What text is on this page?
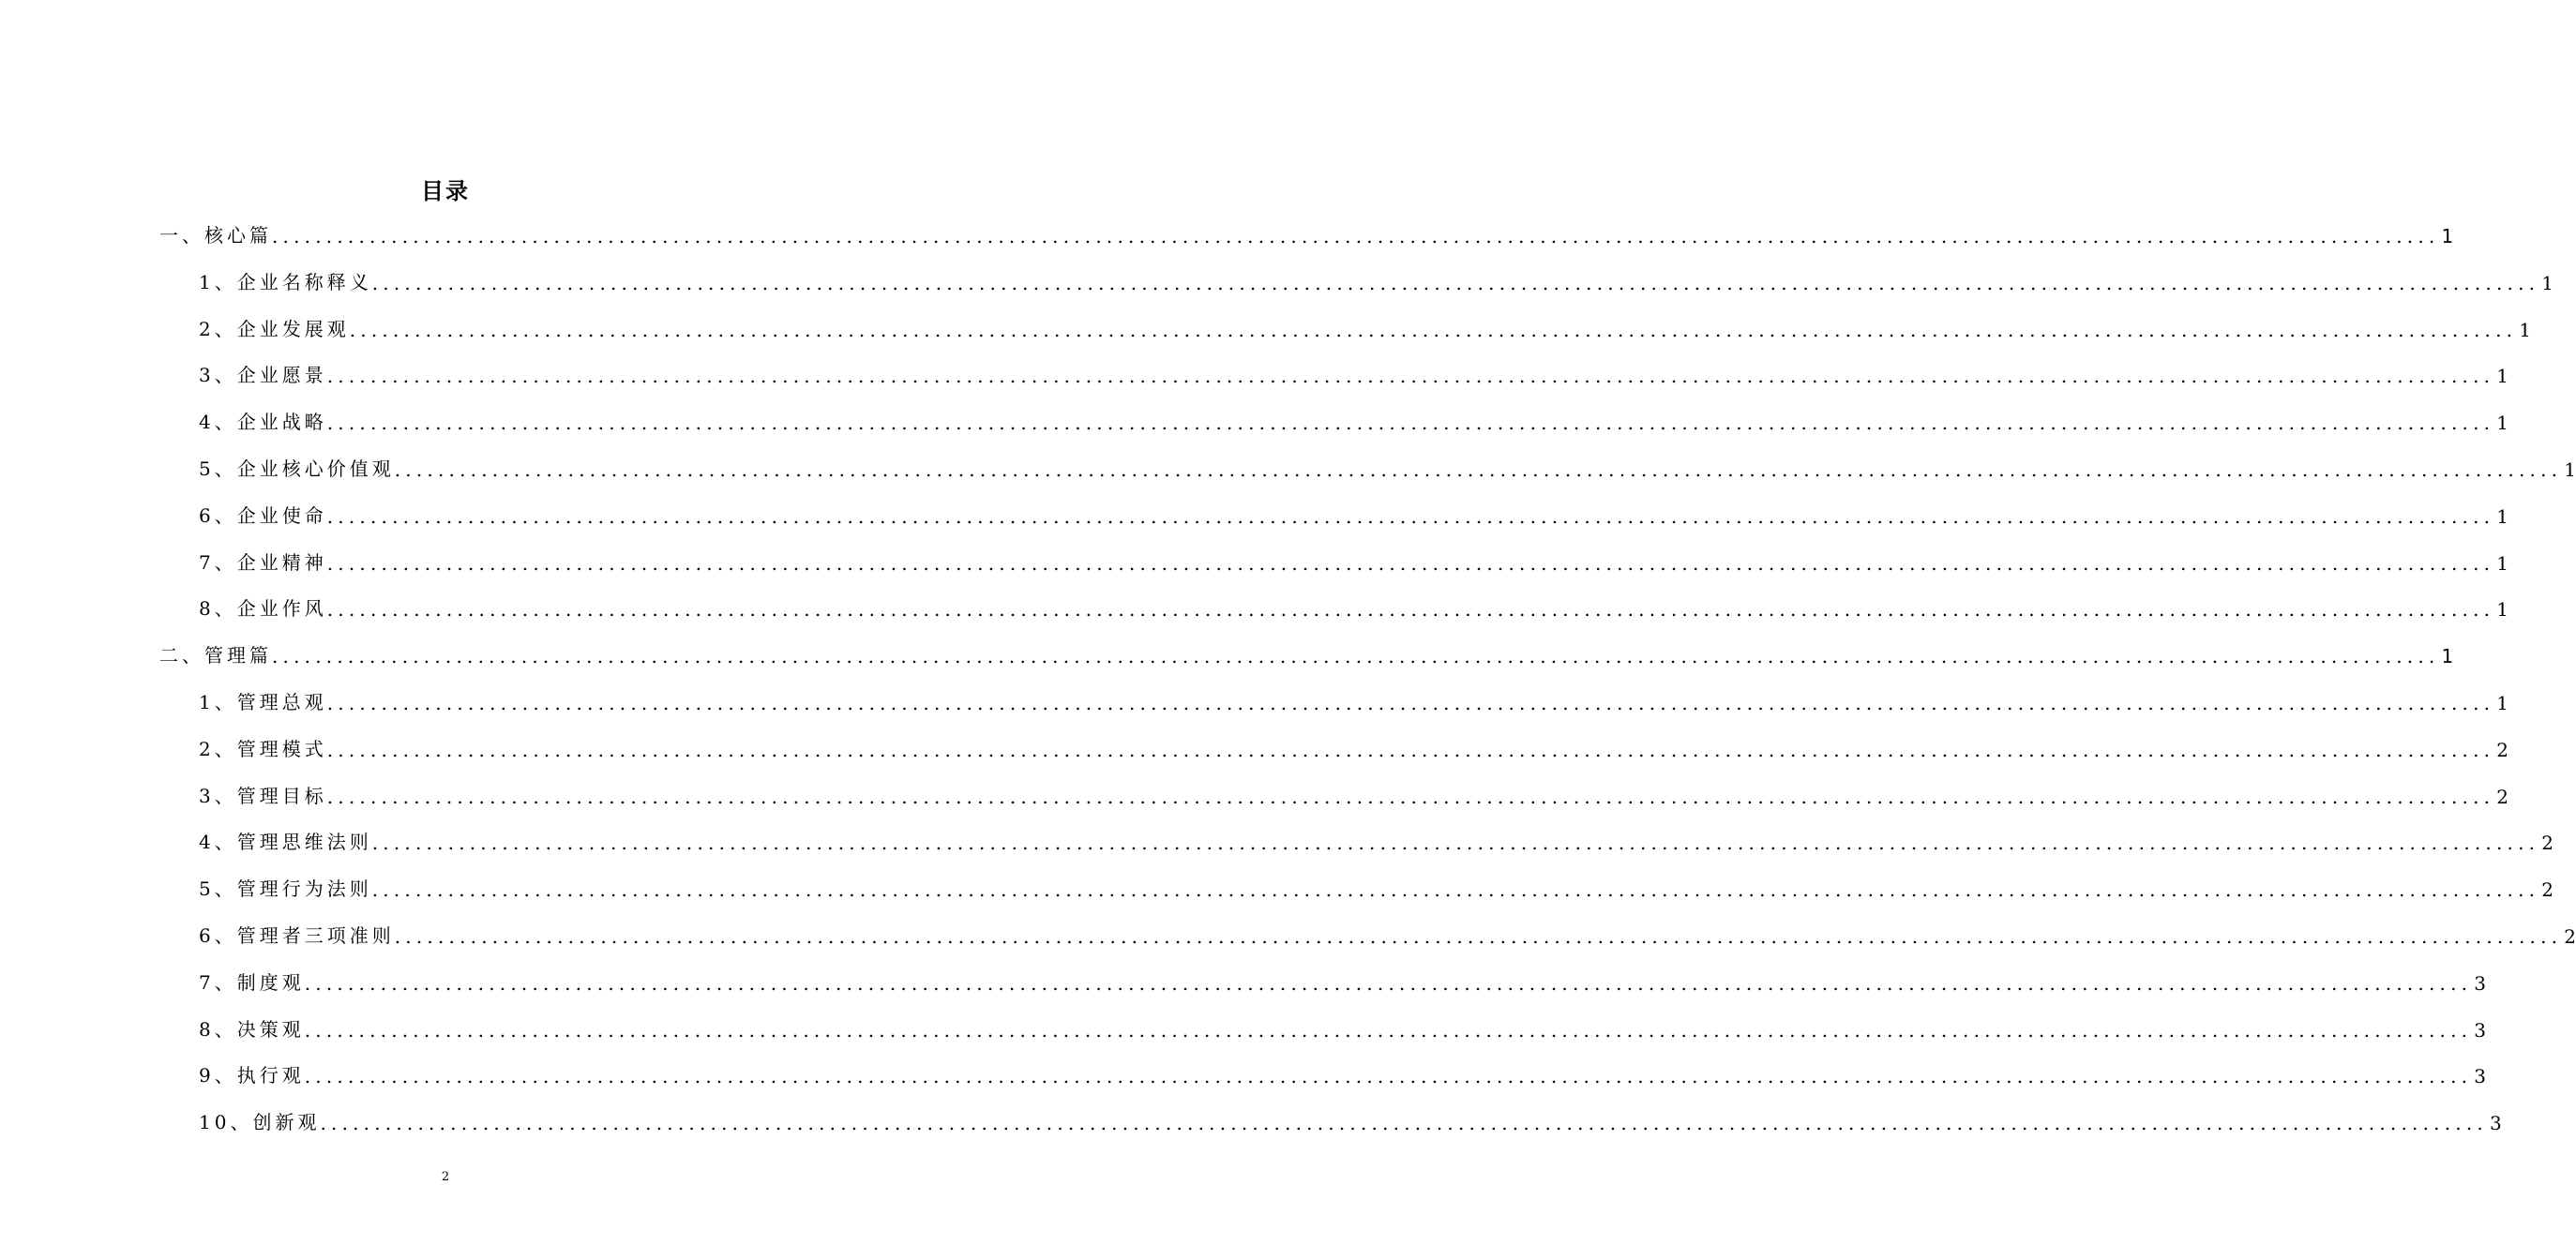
目录
一、核心篇 ........................................................................................................................................................................................................ 1
1、企业名称释义 ........................................................................................................................................................................................................ 1
2、企业发展观 ........................................................................................................................................................................................................ 1
3、企业愿景 ........................................................................................................................................................................................................ 1
4、企业战略 ........................................................................................................................................................................................................ 1
5、企业核心价值观 ........................................................................................................................................................................................................ 1
6、企业使命 ........................................................................................................................................................................................................ 1
7、企业精神 ........................................................................................................................................................................................................ 1
8、企业作风 ........................................................................................................................................................................................................ 1
二、管理篇 ........................................................................................................................................................................................................ 1
1、管理总观 ........................................................................................................................................................................................................ 1
2、管理模式 ........................................................................................................................................................................................................ 2
3、管理目标 ........................................................................................................................................................................................................ 2
4、管理思维法则 ........................................................................................................................................................................................................ 2
5、管理行为法则 ........................................................................................................................................................................................................ 2
6、管理者三项准则 ........................................................................................................................................................................................................ 2
7、制度观 ........................................................................................................................................................................................................ 3
8、决策观 ........................................................................................................................................................................................................ 3
9、执行观 ........................................................................................................................................................................................................ 3
10、创新观 ........................................................................................................................................................................................................ 3
2
